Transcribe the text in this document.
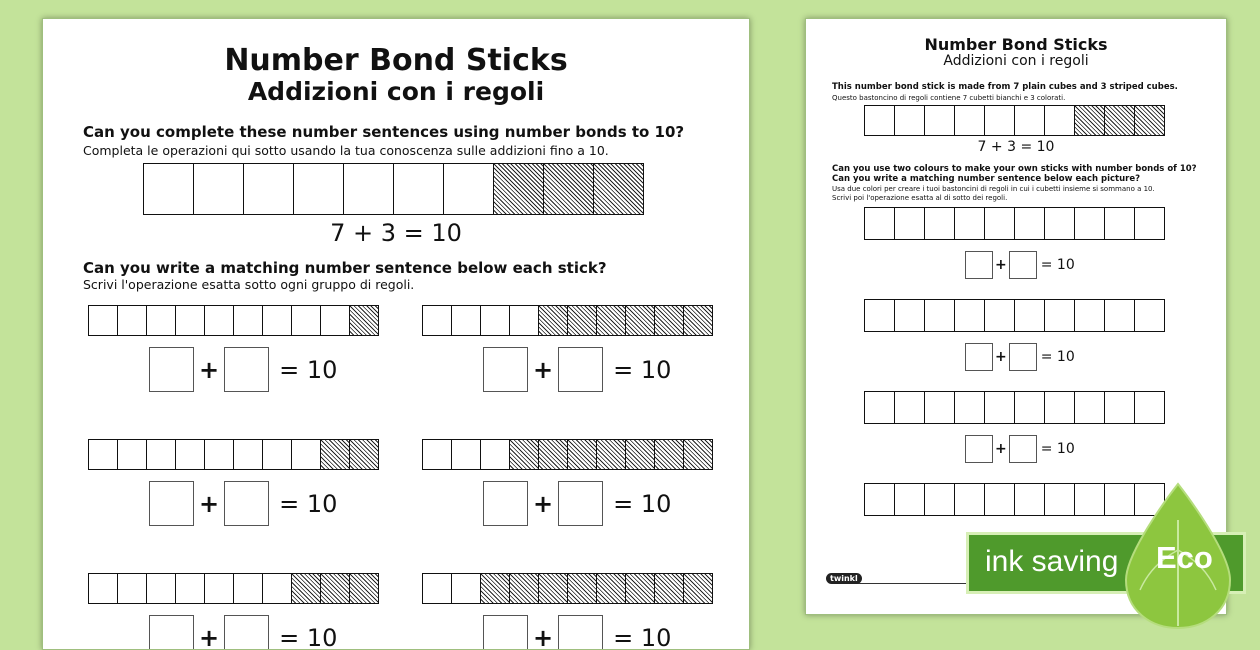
Number Bond Sticks
Addizioni con i regoli
Can you complete these number sentences using number bonds to 10?
Completa le operazioni qui sotto usando la tua conoscenza sulle addizioni fino a 10.
7 + 3 = 10
Can you write a matching number sentence below each stick?
Scrivi l'operazione esatta sotto ogni gruppo di regoli.
+	= 10	+	= 10
+	= 10	+	= 10
+	= 10	+	= 10
Number Bond Sticks
Addizioni con i regoli
This number bond stick is made from 7 plain cubes and 3 striped cubes.
Questo bastoncino di regoli contiene 7 cubetti bianchi e 3 colorati.
7 + 3 = 10
Can you use two colours to make your own sticks with number bonds of 10?
Can you write a matching number sentence below each picture?
Usa due colori per creare i tuoi bastoncini di regoli in cui i cubetti insieme si sommano a 10.
Scrivi poi l'operazione esatta al di sotto dei regoli.
+ = 10
+ = 10
+ = 10
twinkl
ink saving Eco
